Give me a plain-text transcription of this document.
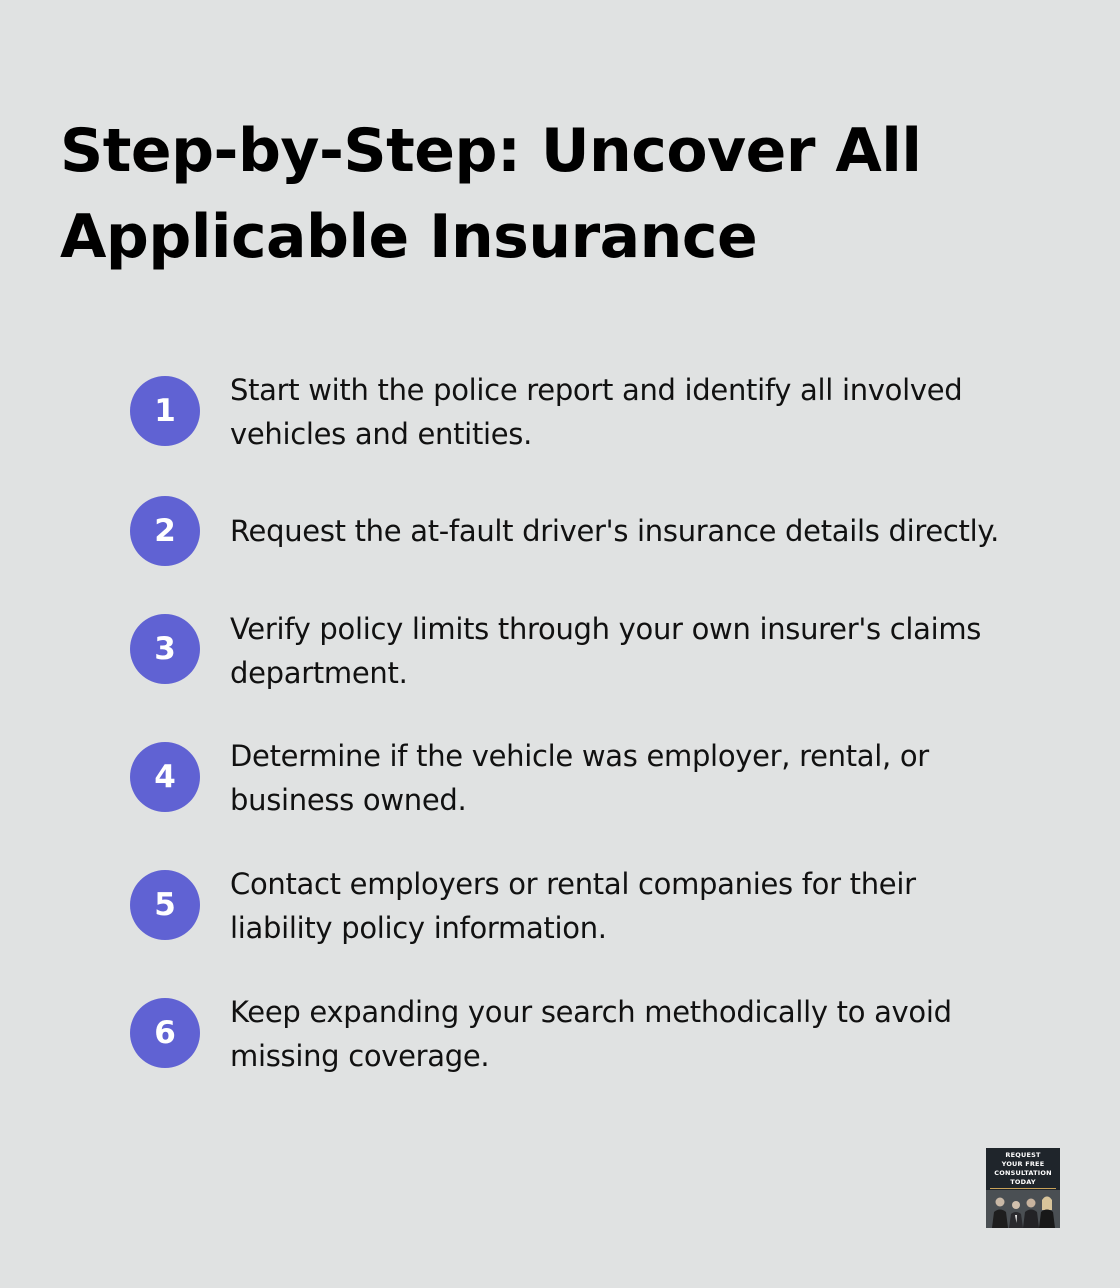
Step-by-Step: Uncover All
Applicable Insurance
1
Start with the police report and identify all involved
vehicles and entities.
2	Request the at-fault driver's insurance details directly.
3
Verify policy limits through your own insurer's claims
department.
4
Determine if the vehicle was employer, rental, or
business owned.
5
Contact employers or rental companies for their
liability policy information.
6
Keep expanding your search methodically to avoid
missing coverage.
REQUEST
YOUR FREE
CONSULTATION
TODAY
